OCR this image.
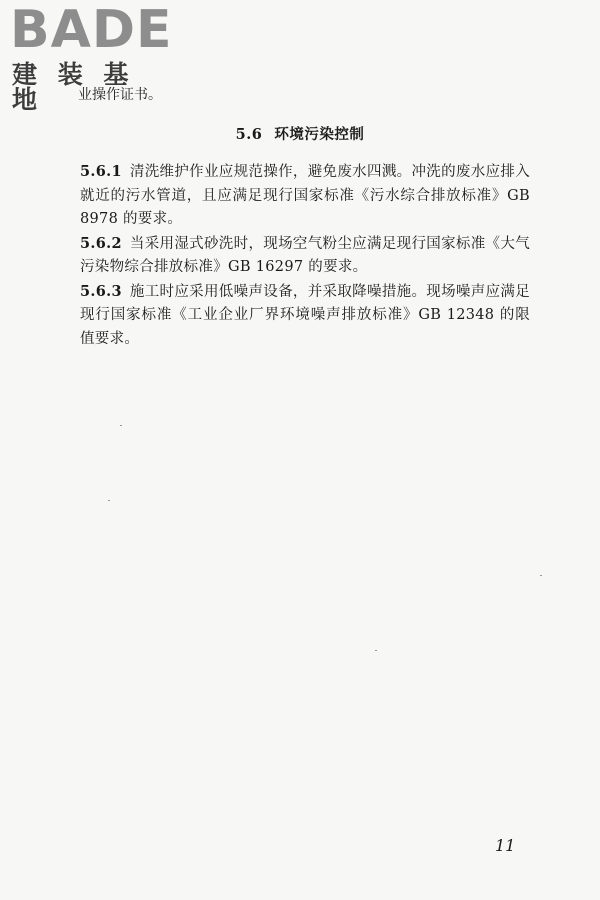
BADE
建 装 基 地	业操作证书。
5.6 环境污染控制

5.6.1 清洗维护作业应规范操作，避免废水四溅。冲洗的废水应排入就近的污水管道，且应满足现行国家标准《污水综合排放标准》GB 8978 的要求。

5.6.2 当采用湿式砂洗时，现场空气粉尘应满足现行国家标准《大气污染物综合排放标准》GB 16297 的要求。

5.6.3 施工时应采用低噪声设备，并采取降噪措施。现场噪声应满足现行国家标准《工业企业厂界环境噪声排放标准》GB 12348 的限值要求。

11
